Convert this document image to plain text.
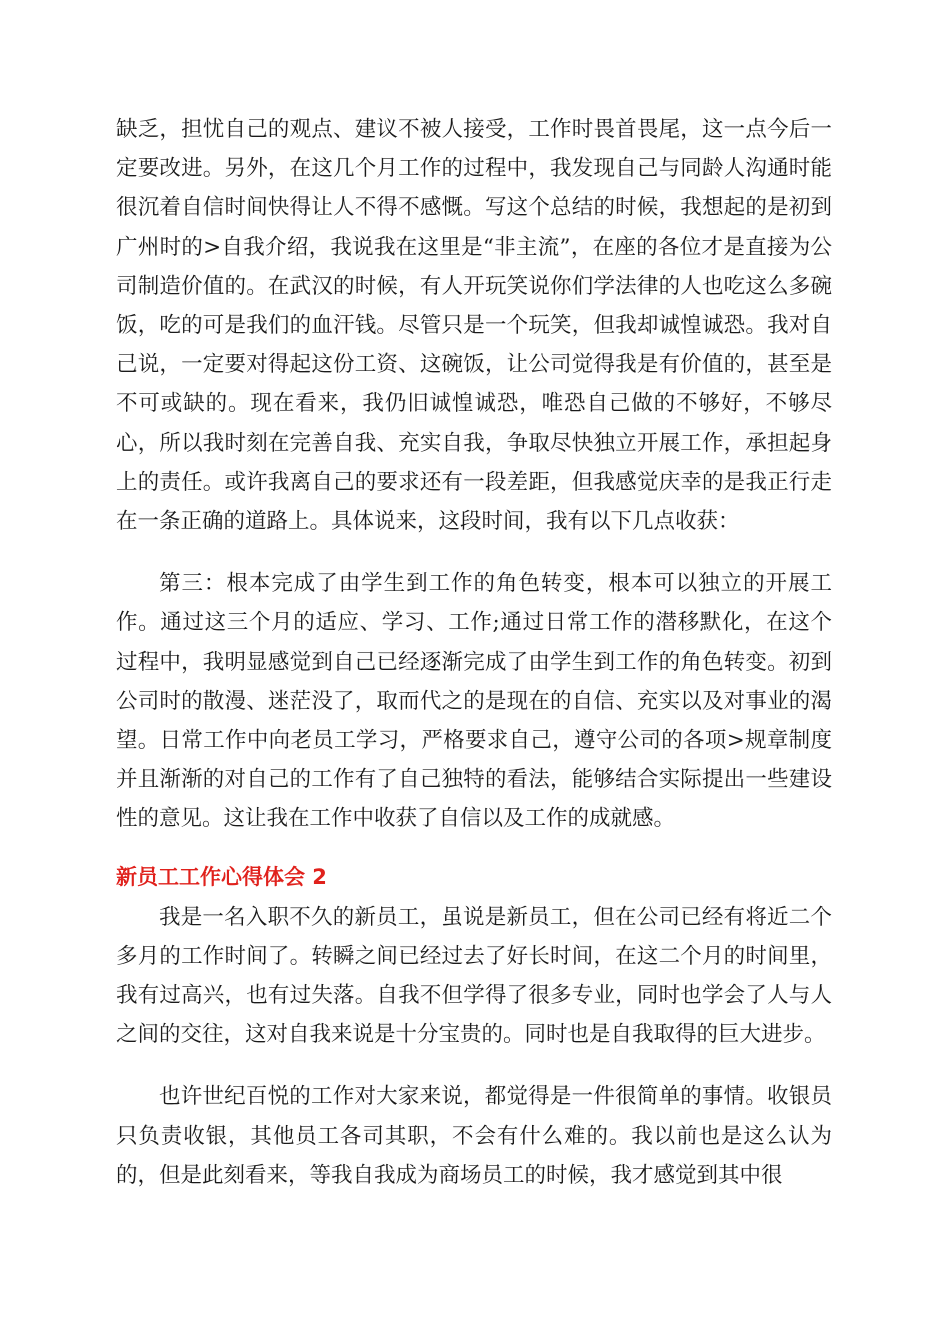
缺乏，担忧自己的观点、建议不被人接受，工作时畏首畏尾，这一点今后一定要改进。另外，在这几个月工作的过程中，我发现自己与同龄人沟通时能很沉着自信时间快得让人不得不感慨。写这个总结的时候，我想起的是初到广州时的>自我介绍，我说我在这里是“非主流”，在座的各位才是直接为公司制造价值的。在武汉的时候，有人开玩笑说你们学法律的人也吃这么多碗饭，吃的可是我们的血汗钱。尽管只是一个玩笑，但我却诚惶诚恐。我对自己说，一定要对得起这份工资、这碗饭，让公司觉得我是有价值的，甚至是不可或缺的。现在看来，我仍旧诚惶诚恐，唯恐自己做的不够好，不够尽心，所以我时刻在完善自我、充实自我，争取尽快独立开展工作，承担起身上的责任。或许我离自己的要求还有一段差距，但我感觉庆幸的是我正行走在一条正确的道路上。具体说来，这段时间，我有以下几点收获：

第三：根本完成了由学生到工作的角色转变，根本可以独立的开展工作。通过这三个月的适应、学习、工作;通过日常工作的潜移默化，在这个过程中，我明显感觉到自己已经逐渐完成了由学生到工作的角色转变。初到公司时的散漫、迷茫没了，取而代之的是现在的自信、充实以及对事业的渴望。日常工作中向老员工学习，严格要求自己，遵守公司的各项>规章制度并且渐渐的对自己的工作有了自己独特的看法，能够结合实际提出一些建设性的意见。这让我在工作中收获了自信以及工作的成就感。

新员工工作心得体会 2

我是一名入职不久的新员工，虽说是新员工，但在公司已经有将近二个多月的工作时间了。转瞬之间已经过去了好长时间，在这二个月的时间里，我有过高兴，也有过失落。自我不但学得了很多专业，同时也学会了人与人之间的交往，这对自我来说是十分宝贵的。同时也是自我取得的巨大进步。

也许世纪百悦的工作对大家来说，都觉得是一件很简单的事情。收银员只负责收银，其他员工各司其职，不会有什么难的。我以前也是这么认为的，但是此刻看来，等我自我成为商场员工的时候，我才感觉到其中很
